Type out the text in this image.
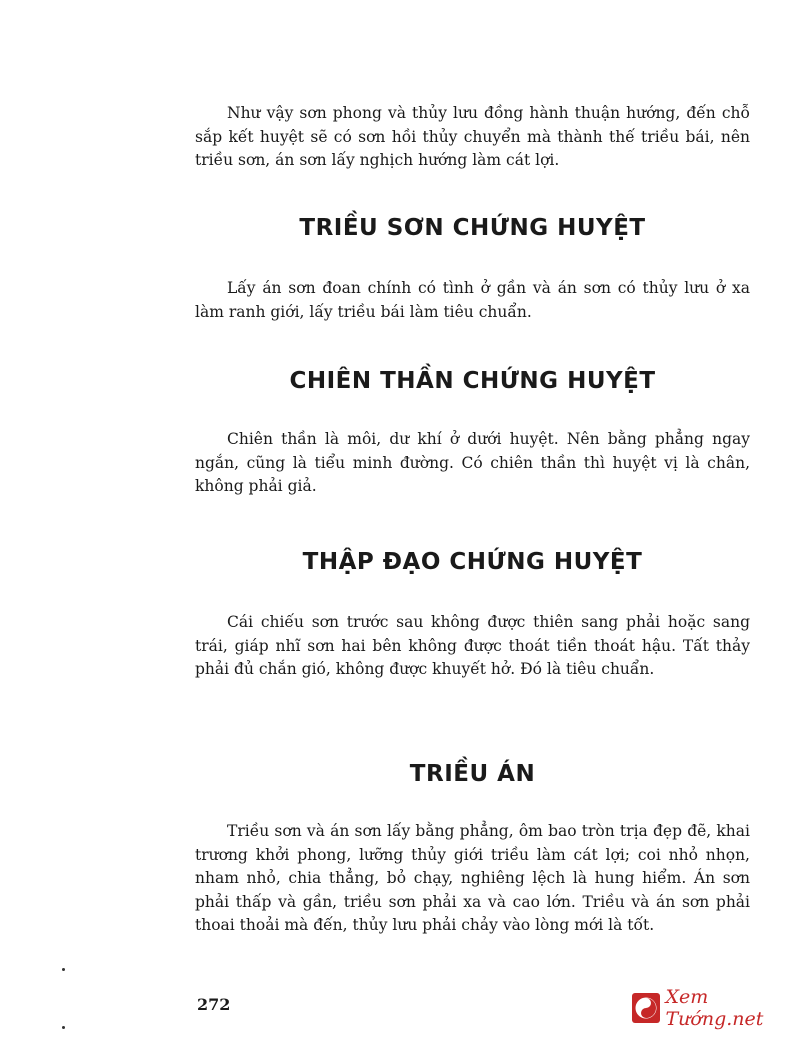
Như vậy sơn phong và thủy lưu đồng hành thuận hướng, đến chỗ sắp kết huyệt sẽ có sơn hồi thủy chuyển mà thành thế triều bái, nên triều sơn, án sơn lấy nghịch hướng làm cát lợi.

TRIỀU SƠN CHỨNG HUYỆT

Lấy án sơn đoan chính có tình ở gần và án sơn có thủy lưu ở xa làm ranh giới, lấy triều bái làm tiêu chuẩn.

CHIÊN THẦN CHỨNG HUYỆT

Chiên thần là môi, dư khí ở dưới huyệt. Nên bằng phẳng ngay ngắn, cũng là tiểu minh đường. Có chiên thần thì huyệt vị là chân, không phải giả.

THẬP ĐẠO CHỨNG HUYỆT

Cái chiếu sơn trước sau không được thiên sang phải hoặc sang trái, giáp nhĩ sơn hai bên không được thoát tiền thoát hậu. Tất thảy phải đủ chắn gió, không được khuyết hở. Đó là tiêu chuẩn.

TRIỀU ÁN

Triều sơn và án sơn lấy bằng phẳng, ôm bao tròn trịa đẹp đẽ, khai trương khởi phong, lưỡng thủy giới triều làm cát lợi; coi nhỏ nhọn, nham nhỏ, chia thẳng, bỏ chạy, nghiêng lệch là hung hiểm. Án sơn phải thấp và gần, triều sơn phải xa và cao lớn. Triều và án sơn phải thoai thoải mà đến, thủy lưu phải chảy vào lòng mới là tốt.

272	Xem Tướng.net
